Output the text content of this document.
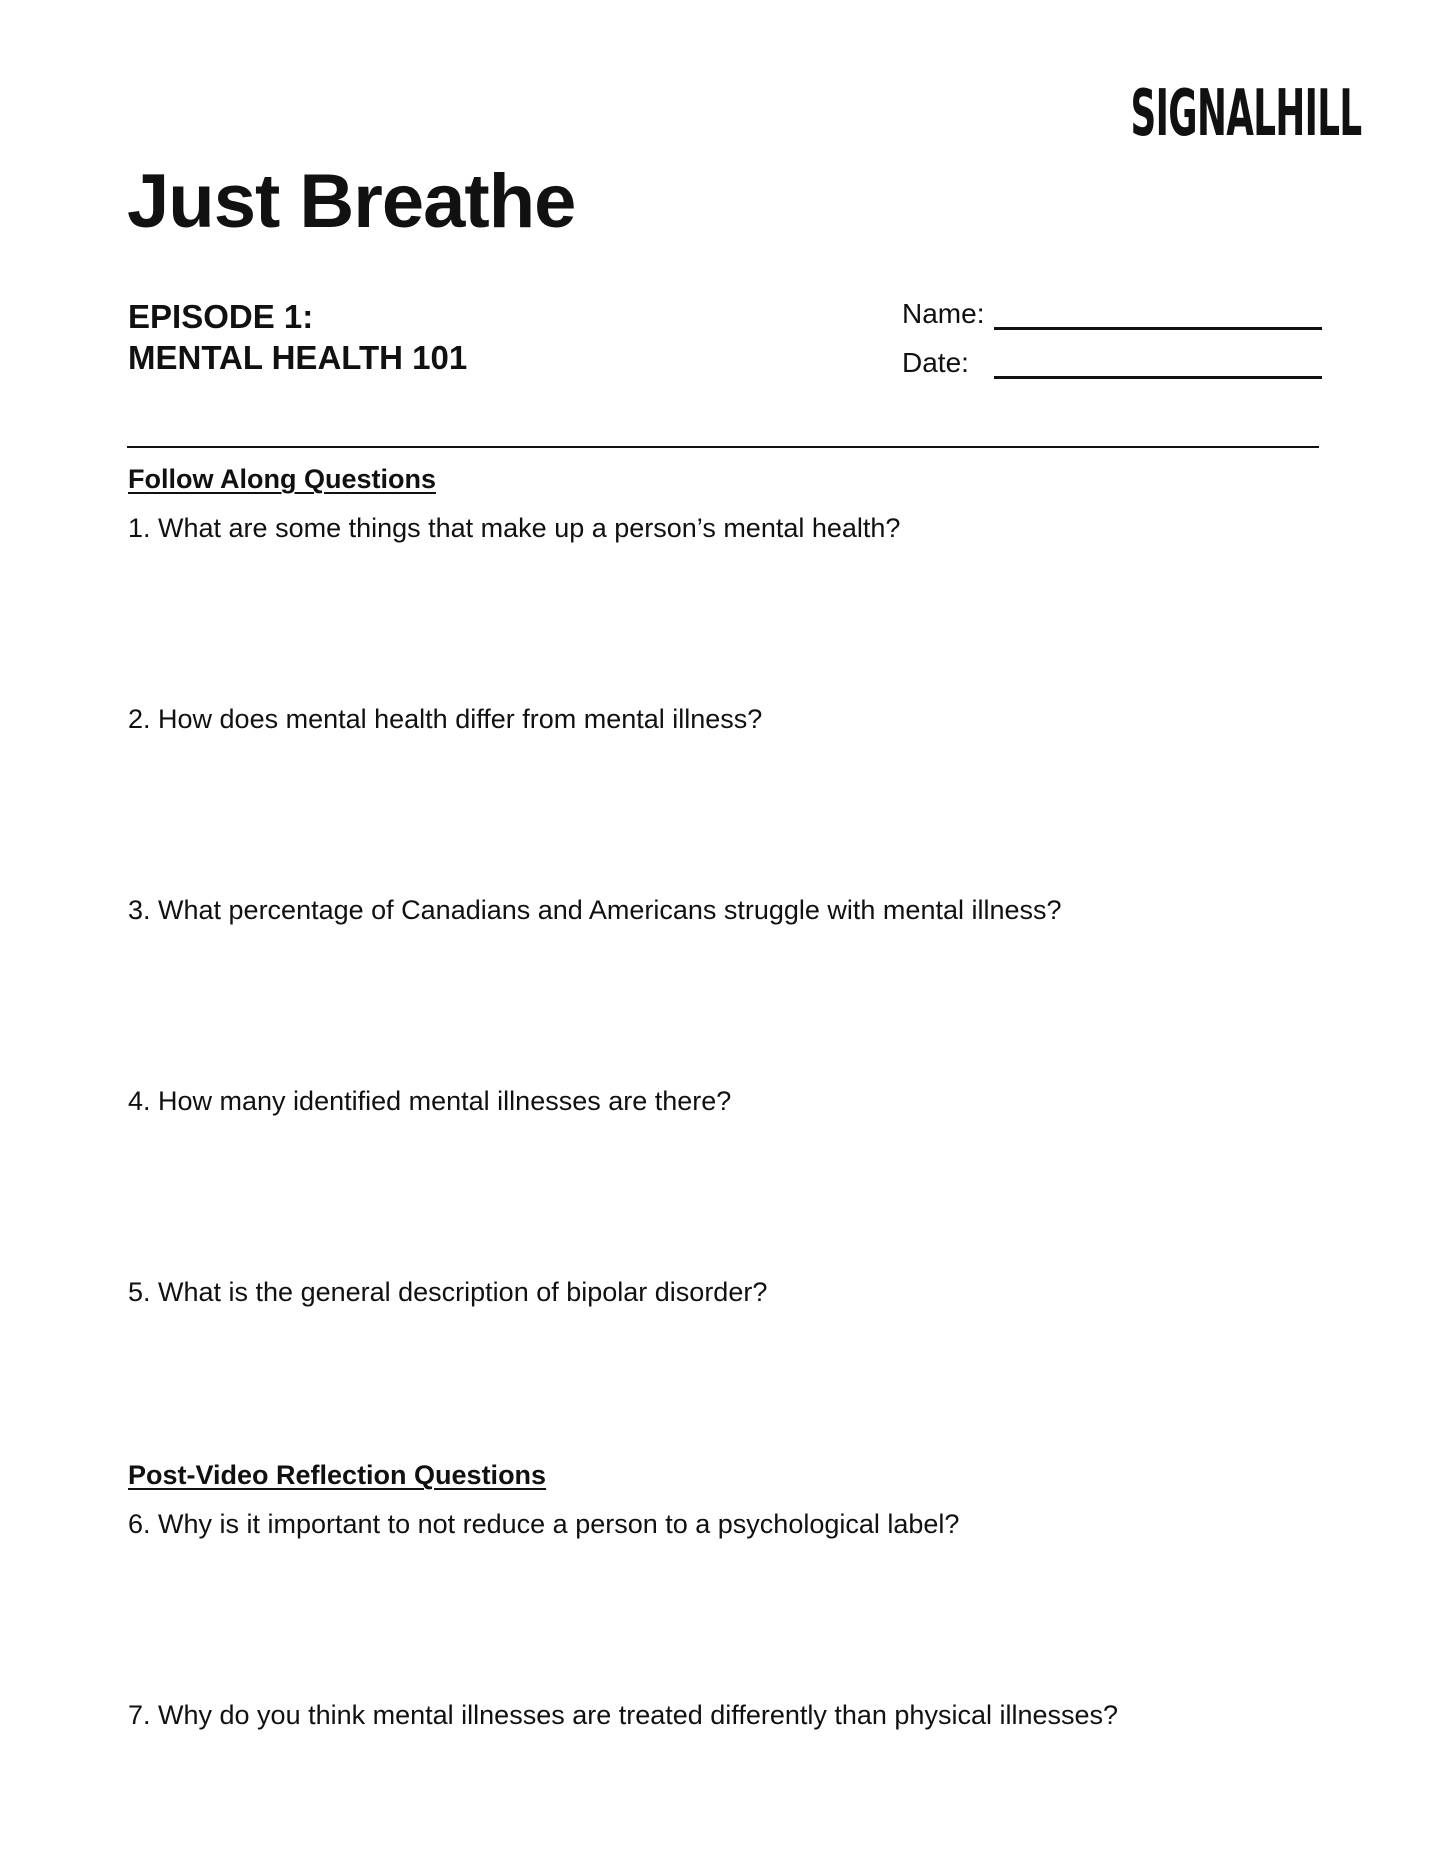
SIGNALHILL
Just Breathe
EPISODE 1:
MENTAL HEALTH 101
Name:
Date:
Follow Along Questions

1. What are some things that make up a person’s mental health?

2. How does mental health differ from mental illness?

3. What percentage of Canadians and Americans struggle with mental illness?

4. How many identified mental illnesses are there?

5. What is the general description of bipolar disorder?

Post-Video Reflection Questions

6. Why is it important to not reduce a person to a psychological label?

7. Why do you think mental illnesses are treated differently than physical illnesses?
